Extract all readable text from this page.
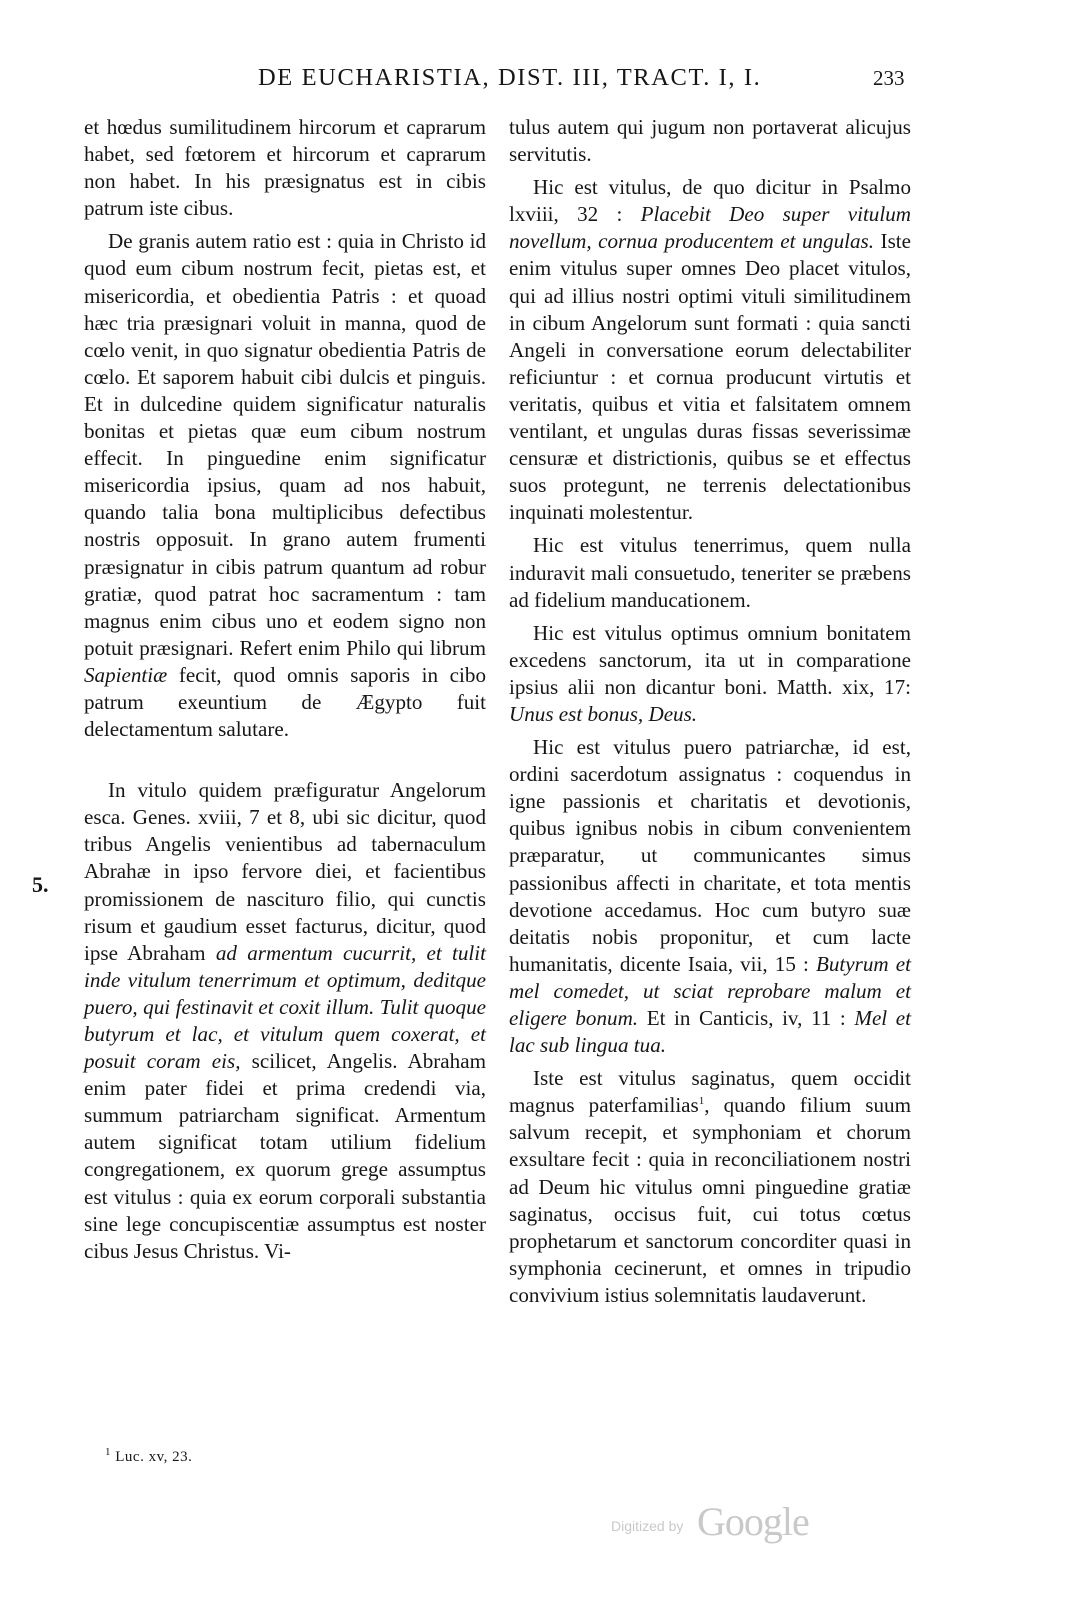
DE EUCHARISTIA, DIST. III, TRACT. I, I.	233
5.

et hœdus sumilitudinem hircorum et caprarum habet, sed fœtorem et hircorum et caprarum non habet. In his præsignatus est in cibis patrum iste cibus.

De granis autem ratio est : quia in Christo id quod eum cibum nostrum fecit, pietas est, et misericordia, et obedientia Patris : et quoad hæc tria præsignari voluit in manna, quod de cœlo venit, in quo signatur obedientia Patris de cœlo. Et saporem habuit cibi dulcis et pinguis. Et in dulcedine quidem significatur naturalis bonitas et pietas quæ eum cibum nostrum effecit. In pinguedine enim significatur misericordia ipsius, quam ad nos habuit, quando talia bona multiplicibus defectibus nostris opposuit. In grano autem frumenti præsignatur in cibis patrum quantum ad robur gratiæ, quod patrat hoc sacramentum : tam magnus enim cibus uno et eodem signo non potuit præsignari. Refert enim Philo qui librum Sapientiæ fecit, quod omnis saporis in cibo patrum exeuntium de Ægypto fuit delectamentum salutare.

In vitulo quidem præfiguratur Angelorum esca. Genes. xviii, 7 et 8, ubi sic dicitur, quod tribus Angelis venientibus ad tabernaculum Abrahæ in ipso fervore diei, et facientibus promissionem de nascituro filio, qui cunctis risum et gaudium esset facturus, dicitur, quod ipse Abraham ad armentum cucurrit, et tulit inde vitulum tenerrimum et optimum, deditque puero, qui festinavit et coxit illum. Tulit quoque butyrum et lac, et vitulum quem coxerat, et posuit coram eis, scilicet, Angelis. Abraham enim pater fidei et prima credendi via, summum patriarcham significat. Armentum autem significat totam utilium fidelium congregationem, ex quorum grege assumptus est vitulus : quia ex eorum corporali substantia sine lege concupiscentiæ assumptus est noster cibus Jesus Christus. Vi-

tulus autem qui jugum non portaverat alicujus servitutis.

Hic est vitulus, de quo dicitur in Psalmo lxviii, 32 : Placebit Deo super vitulum novellum, cornua producentem et ungulas. Iste enim vitulus super omnes Deo placet vitulos, qui ad illius nostri optimi vituli similitudinem in cibum Angelorum sunt formati : quia sancti Angeli in conversatione eorum delectabiliter reficiuntur : et cornua producunt virtutis et veritatis, quibus et vitia et falsitatem omnem ventilant, et ungulas duras fissas severissimæ censuræ et districtionis, quibus se et effectus suos protegunt, ne terrenis delectationibus inquinati molestentur.

Hic est vitulus tenerrimus, quem nulla induravit mali consuetudo, teneriter se præbens ad fidelium manducationem.

Hic est vitulus optimus omnium bonitatem excedens sanctorum, ita ut in comparatione ipsius alii non dicantur boni. Matth. xix, 17: Unus est bonus, Deus.

Hic est vitulus puero patriarchæ, id est, ordini sacerdotum assignatus : coquendus in igne passionis et charitatis et devotionis, quibus ignibus nobis in cibum convenientem præparatur, ut communicantes simus passionibus affecti in charitate, et tota mentis devotione accedamus. Hoc cum butyro suæ deitatis nobis proponitur, et cum lacte humanitatis, dicente Isaia, vii, 15 : Butyrum et mel comedet, ut sciat reprobare malum et eligere bonum. Et in Canticis, iv, 11 : Mel et lac sub lingua tua.

Iste est vitulus saginatus, quem occidit magnus paterfamilias$^1$, quando filium suum salvum recepit, et symphoniam et chorum exsultare fecit : quia in reconciliationem nostri ad Deum hic vitulus omni pinguedine gratiæ saginatus, occisus fuit, cui totus cœtus prophetarum et sanctorum concorditer quasi in symphonia cecinerunt, et omnes in tripudio convivium istius solemnitatis laudaverunt.

$^1$ Luc. xv, 23.
Digitized by Google
